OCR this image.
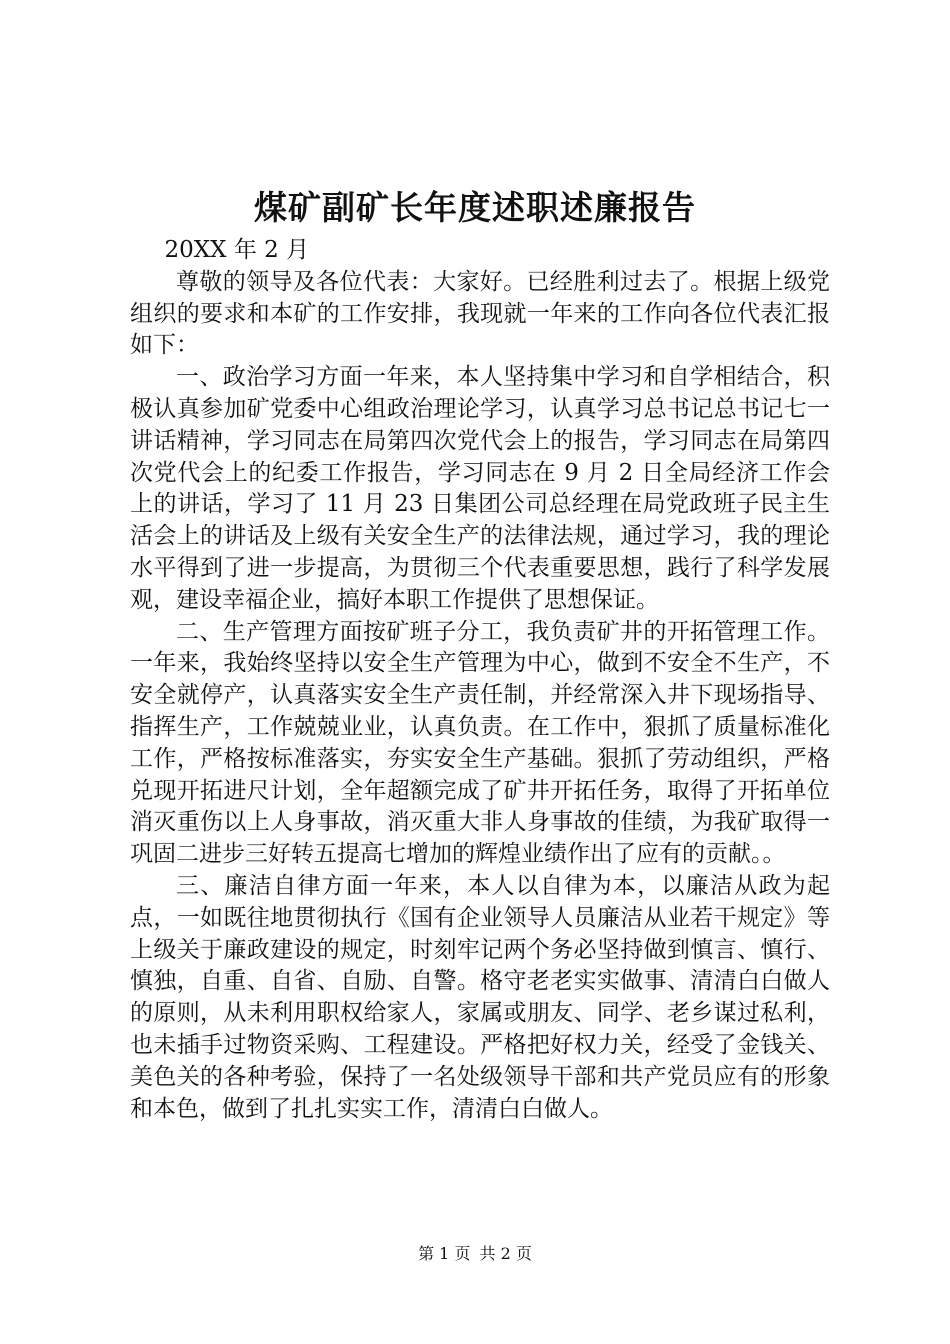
煤矿副矿长年度述职述廉报告

20XX 年 2 月

尊敬的领导及各位代表：大家好。已经胜利过去了。根据上级党组织的要求和本矿的工作安排，我现就一年来的工作向各位代表汇报如下：

一、政治学习方面一年来，本人坚持集中学习和自学相结合，积极认真参加矿党委中心组政治理论学习，认真学习总书记总书记七一讲话精神，学习同志在局第四次党代会上的报告，学习同志在局第四次党代会上的纪委工作报告，学习同志在 9 月 2 日全局经济工作会上的讲话，学习了 11 月 23 日集团公司总经理在局党政班子民主生活会上的讲话及上级有关安全生产的法律法规，通过学习，我的理论水平得到了进一步提高，为贯彻三个代表重要思想，践行了科学发展观，建设幸福企业，搞好本职工作提供了思想保证。

二、生产管理方面按矿班子分工，我负责矿井的开拓管理工作。一年来，我始终坚持以安全生产管理为中心，做到不安全不生产，不安全就停产，认真落实安全生产责任制，并经常深入井下现场指导、指挥生产，工作兢兢业业，认真负责。在工作中，狠抓了质量标准化工作，严格按标准落实，夯实安全生产基础。狠抓了劳动组织，严格兑现开拓进尺计划，全年超额完成了矿井开拓任务，取得了开拓单位消灭重伤以上人身事故，消灭重大非人身事故的佳绩，为我矿取得一巩固二进步三好转五提高七增加的辉煌业绩作出了应有的贡献。。

三、廉洁自律方面一年来，本人以自律为本，以廉洁从政为起点，一如既往地贯彻执行《国有企业领导人员廉洁从业若干规定》等上级关于廉政建设的规定，时刻牢记两个务必坚持做到慎言、慎行、慎独，自重、自省、自励、自警。格守老老实实做事、清清白白做人的原则，从未利用职权给家人，家属或朋友、同学、老乡谋过私利，也未插手过物资采购、工程建设。严格把好权力关，经受了金钱关、美色关的各种考验，保持了一名处级领导干部和共产党员应有的形象和本色，做到了扎扎实实工作，清清白白做人。

第 1 页 共 2 页
